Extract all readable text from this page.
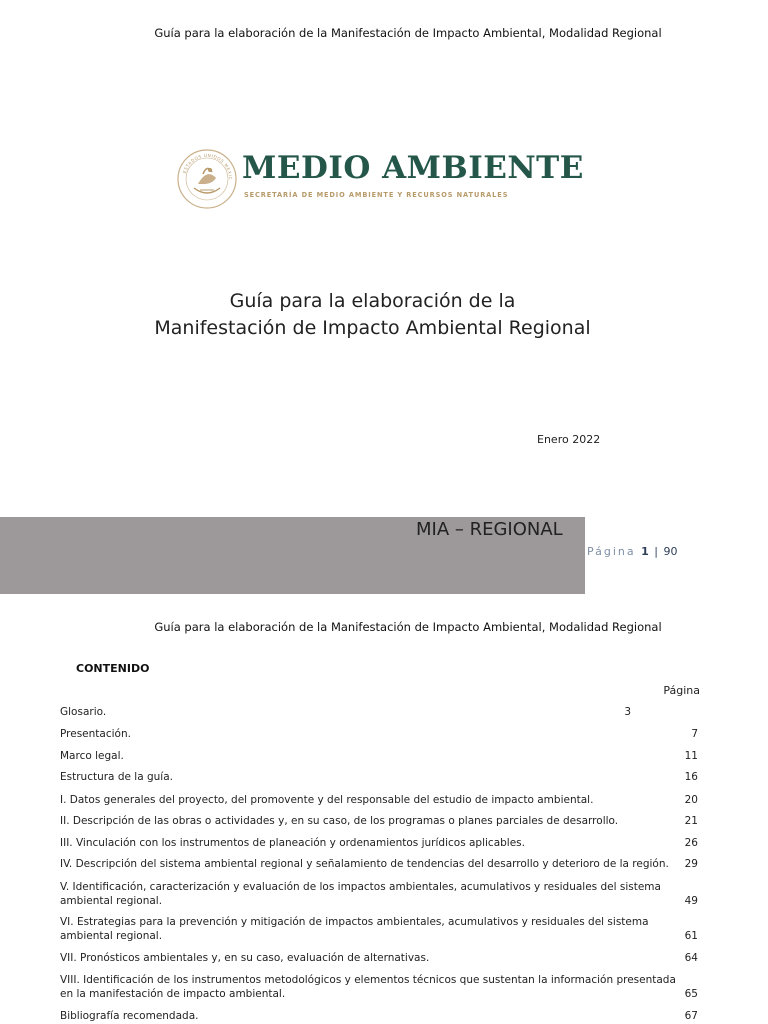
Guía para la elaboración de la Manifestación de Impacto Ambiental, Modalidad Regional
ESTADOS UNIDOS MEXIC MEDIO AMBIENTE
SECRETARÍA DE MEDIO AMBIENTE Y RECURSOS NATURALES
Guía para la elaboración de la
Manifestación de Impacto Ambiental Regional
Enero 2022
MIA – REGIONAL
Página 1 | 90
Guía para la elaboración de la Manifestación de Impacto Ambiental, Modalidad Regional
CONTENIDO
Página
Glosario.	3
Presentación.	7
Marco legal.	11
Estructura de la guía.	16
I. Datos generales del proyecto, del promovente y del responsable del estudio de impacto ambiental.	20
II. Descripción de las obras o actividades y, en su caso, de los programas o planes parciales de desarrollo.	21
III. Vinculación con los instrumentos de planeación y ordenamientos jurídicos aplicables.	26
IV. Descripción del sistema ambiental regional y señalamiento de tendencias del desarrollo y deterioro de la región.	29
V. Identificación, caracterización y evaluación de los impactos ambientales, acumulativos y residuales del sistema ambiental regional.	49
VI. Estrategias para la prevención y mitigación de impactos ambientales, acumulativos y residuales del sistema ambiental regional.	61
VII. Pronósticos ambientales y, en su caso, evaluación de alternativas.	64
VIII. Identificación de los instrumentos metodológicos y elementos técnicos que sustentan la información presentada en la manifestación de impacto ambiental.	65
Bibliografía recomendada.	67
